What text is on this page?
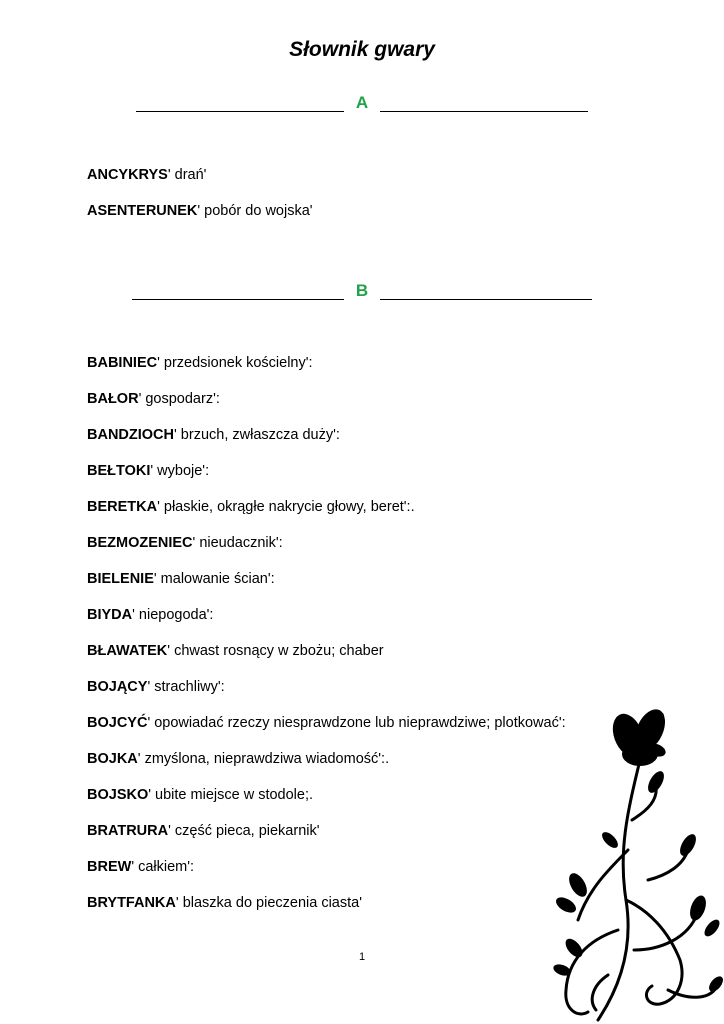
Słownik gwary
A
ANCYKRYS' drań'
ASENTERUNEK' pobór do wojska'
B
BABINIEC' przedsionek kościelny':
BAŁOR' gospodarz':
BANDZIOCH' brzuch, zwłaszcza duży':
BEŁTOKI' wyboje':
BERETKA' płaskie, okrągłe nakrycie głowy, beret':.
BEZMOZENIEC' nieudacznik':
BIELENIE' malowanie ścian':
BIYDA' niepogoda':
BŁAWATEK' chwast rosnący w zbożu; chaber
BOJĄCY' strachliwy':
BOJCYĆ' opowiadać rzeczy niesprawdzone lub nieprawdziwe; plotkować':
BOJKA' zmyślona, nieprawdziwa wiadomość':.
BOJSKO' ubite miejsce w stodole;.
BRATRURA' część pieca, piekarnik'
BREW' całkiem':
BRYTFANKA' blaszka do pieczenia ciasta'
1
